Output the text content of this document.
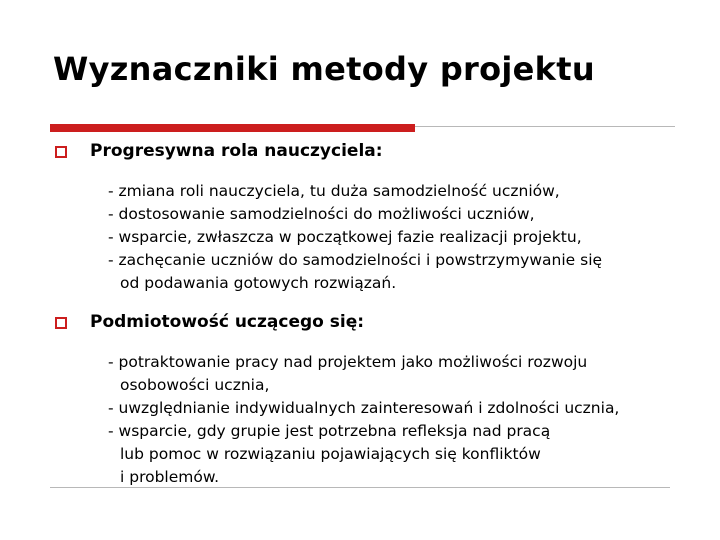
Wyznaczniki metody projektu
Progresywna rola nauczyciela:
- zmiana roli nauczyciela, tu duża samodzielność uczniów,
- dostosowanie samodzielności do możliwości uczniów,
- wsparcie, zwłaszcza w początkowej fazie realizacji projektu,
- zachęcanie uczniów do samodzielności i powstrzymywanie się
od podawania gotowych rozwiązań.
Podmiotowość uczącego się:
- potraktowanie pracy nad projektem jako możliwości rozwoju
osobowości ucznia,
- uwzględnianie indywidualnych zainteresowań i zdolności ucznia,
- wsparcie, gdy grupie jest potrzebna refleksja nad pracą
lub pomoc w rozwiązaniu pojawiających się konfliktów
i problemów.
